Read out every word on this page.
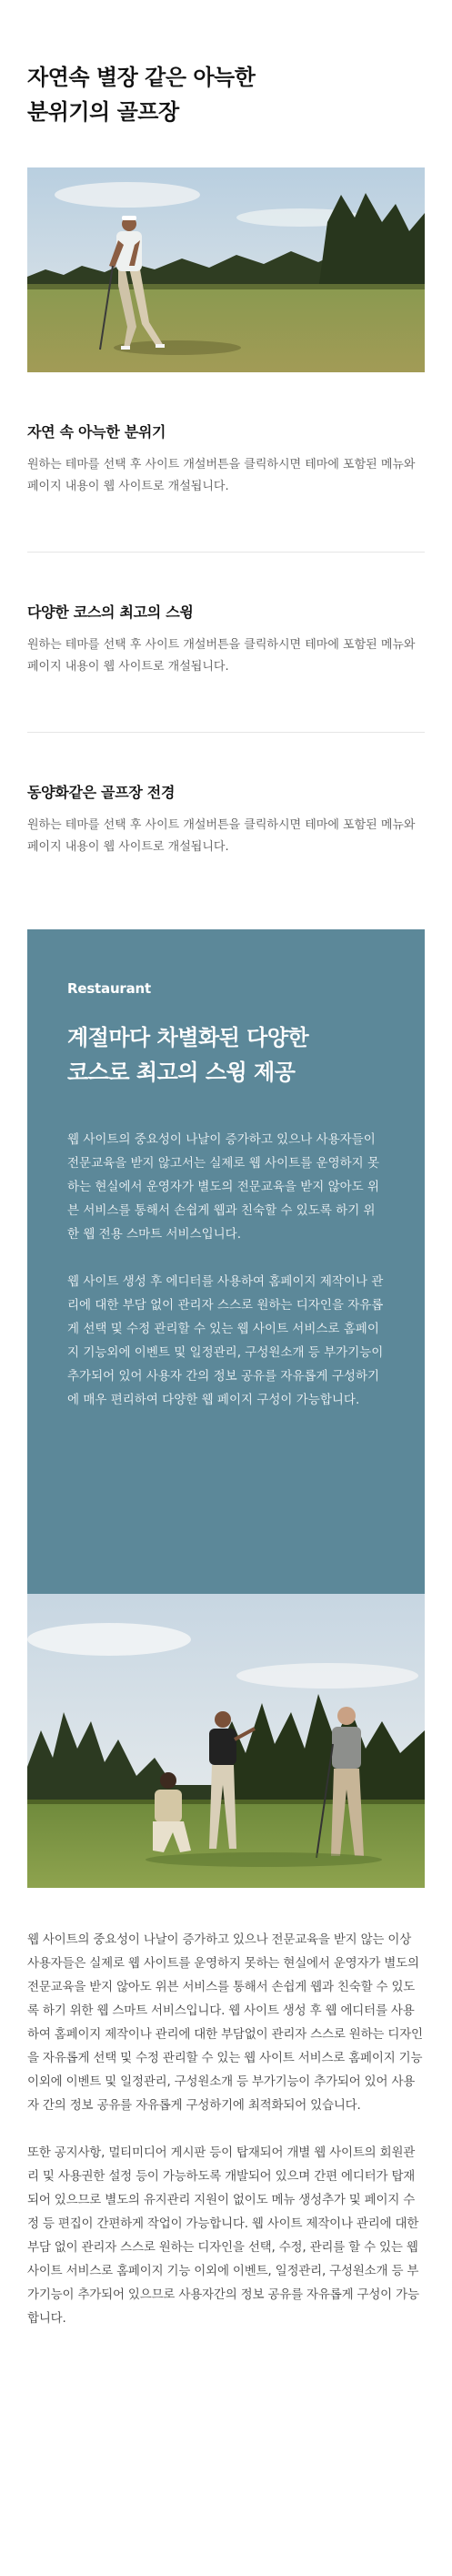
자연속 별장 같은 아늑한
분위기의 골프장
자연 속 아늑한 분위기

원하는 테마를 선택 후 사이트 개설버튼을 클릭하시면 테마에 포함된 메뉴와 페이지 내용이 웹 사이트로 개설됩니다.

다양한 코스의 최고의 스윙

원하는 테마를 선택 후 사이트 개설버튼을 클릭하시면 테마에 포함된 메뉴와 페이지 내용이 웹 사이트로 개설됩니다.

동양화같은 골프장 전경

원하는 테마를 선택 후 사이트 개설버튼을 클릭하시면 테마에 포함된 메뉴와 페이지 내용이 웹 사이트로 개설됩니다.

Restaurant
계절마다 차별화된 다양한
코스로 최고의 스윙 제공

웹 사이트의 중요성이 나날이 증가하고 있으나 사용자들이 전문교육을 받지 않고서는 실제로 웹 사이트를 운영하지 못하는 현실에서 운영자가 별도의 전문교육을 받지 않아도 위븐 서비스를 통해서 손쉽게 웹과 친숙할 수 있도록 하기 위한 웹 전용 스마트 서비스입니다.

웹 사이트 생성 후 에디터를 사용하여 홈페이지 제작이나 관리에 대한 부담 없이 관리자 스스로 원하는 디자인을 자유롭게 선택 및 수정 관리할 수 있는 웹 사이트 서비스로 홈페이지 기능외에 이벤트 및 일정관리, 구성원소개 등 부가기능이 추가되어 있어 사용자 간의 정보 공유를 자유롭게 구성하기에 매우 편리하여 다양한 웹 페이지 구성이 가능합니다.

웹 사이트의 중요성이 나날이 증가하고 있으나 전문교육을 받지 않는 이상 사용자들은 실제로 웹 사이트를 운영하지 못하는 현실에서 운영자가 별도의 전문교육을 받지 않아도 위븐 서비스를 통해서 손쉽게 웹과 친숙할 수 있도록 하기 위한 웹 스마트 서비스입니다. 웹 사이트 생성 후 웹 에디터를 사용하여 홈페이지 제작이나 관리에 대한 부담없이 관리자 스스로 원하는 디자인을 자유롭게 선택 및 수정 관리할 수 있는 웹 사이트 서비스로 홈페이지 기능 이외에 이벤트 및 일정관리, 구성원소개 등 부가기능이 추가되어 있어 사용자 간의 정보 공유를 자유롭게 구성하기에 최적화되어 있습니다.

또한 공지사항, 멀티미디어 게시판 등이 탑재되어 개별 웹 사이트의 회원관리 및 사용권한 설정 등이 가능하도록 개발되어 있으며 간편 에디터가 탑재되어 있으므로 별도의 유지관리 지원이 없이도 메뉴 생성추가 및 페이지 수정 등 편집이 간편하게 작업이 가능합니다. 웹 사이트 제작이나 관리에 대한 부담 없이 관리자 스스로 원하는 디자인을 선택, 수정, 관리를 할 수 있는 웹사이트 서비스로 홈페이지 기능 이외에 이벤트, 일정관리, 구성원소개 등 부가기능이 추가되어 있으므로 사용자간의 정보 공유를 자유롭게 구성이 가능합니다.
